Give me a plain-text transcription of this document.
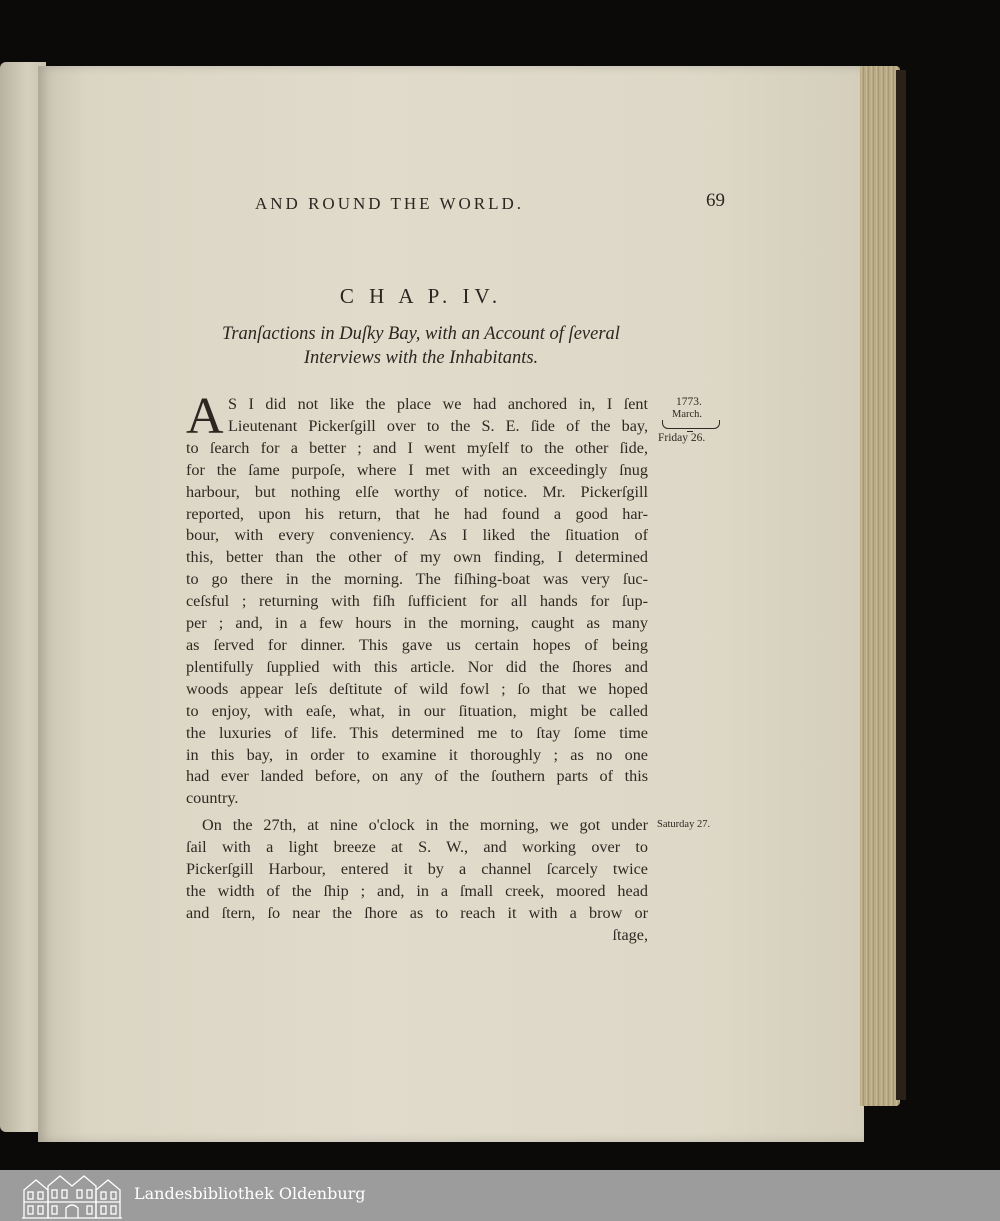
AND ROUND THE WORLD.	69
C H A P. IV.
Tranſactions in Duſky Bay, with an Account of ſeveral
Interviews with the Inhabitants.
A S I did not like the place we had anchored in, I ſent
Lieutenant Pickerſgill over to the S. E. ſide of the bay,
to ſearch for a better ; and I went myſelf to the other ſide,
for the ſame purpoſe, where I met with an exceedingly ſnug
harbour, but nothing elſe worthy of notice. Mr. Pickerſgill
reported, upon his return, that he had found a good har-
bour, with every conveniency. As I liked the ſituation of
this, better than the other of my own finding, I determined
to go there in the morning. The fiſhing-boat was very ſuc-
ceſsful ; returning with fiſh ſufficient for all hands for ſup-
per ; and, in a few hours in the morning, caught as many
as ſerved for dinner. This gave us certain hopes of being
plentifully ſupplied with this article. Nor did the ſhores and
woods appear leſs deſtitute of wild fowl ; ſo that we hoped
to enjoy, with eaſe, what, in our ſituation, might be called
the luxuries of life. This determined me to ſtay ſome time
in this bay, in order to examine it thoroughly ; as no one
had ever landed before, on any of the ſouthern parts of this
country.
On the 27th, at nine o'clock in the morning, we got under
ſail with a light breeze at S. W., and working over to
Pickerſgill Harbour, entered it by a channel ſcarcely twice
the width of the ſhip ; and, in a ſmall creek, moored head
and ſtern, ſo near the ſhore as to reach it with a brow or
ſtage,
1773.
March.
Friday 26.
Saturday 27.
Landesbibliothek Oldenburg
